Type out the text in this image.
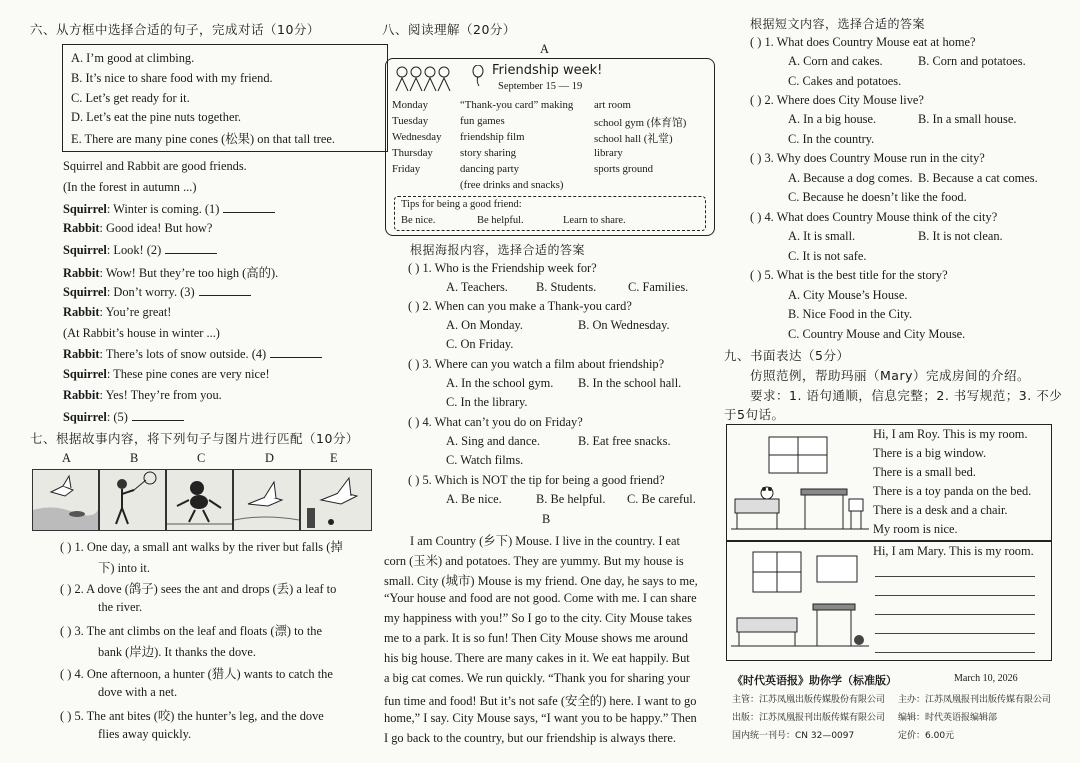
六、从方框中选择合适的句子，完成对话（10分）
A. I’m good at climbing.
B. It’s nice to share food with my friend.
C. Let’s get ready for it.
D. Let’s eat the pine nuts together.
E. There are many pine cones (松果) on that tall tree.
Squirrel and Rabbit are good friends.
(In the forest in autumn ...)
Squirrel: Winter is coming. (1)
Rabbit: Good idea! But how?
Squirrel: Look! (2)
Rabbit: Wow! But they’re too high (高的).
Squirrel: Don’t worry. (3)
Rabbit: You’re great!
(At Rabbit’s house in winter ...)
Rabbit: There’s lots of snow outside. (4)
Squirrel: These pine cones are very nice!
Rabbit: Yes! They’re from you.
Squirrel: (5)
七、根据故事内容，将下列句子与图片进行匹配（10分）
A	B	C	D	E
( ) 1. One day, a small ant walks by the river but falls (掉
下) into it.
( ) 2. A dove (鸽子) sees the ant and drops (丢) a leaf to
the river.
( ) 3. The ant climbs on the leaf and floats (漂) to the
bank (岸边). It thanks the dove.
( ) 4. One afternoon, a hunter (猎人) wants to catch the
dove with a net.
( ) 5. The ant bites (咬) the hunter’s leg, and the dove
flies away quickly.
八、阅读理解（20分）
A
Friendship week!
September 15 — 19
Monday	“Thank-you card” making art room
Tuesday	fun games	school gym (体育馆)
Wednesday friendship film	school hall (礼堂)
Thursday	story sharing	library
Friday	dancing party	sports ground
(free drinks and snacks)
Tips for being a good friend:
Be nice.	Be helpful.	Learn to share.
根据海报内容，选择合适的答案
( ) 1. Who is the Friendship week for?
A. Teachers. B. Students.	C. Families.
( ) 2. When can you make a Thank-you card?
A. On Monday.	B. On Wednesday.
C. On Friday.
( ) 3. Where can you watch a film about friendship?
A. In the school gym. B. In the school hall.
C. In the library.
( ) 4. What can’t you do on Friday?
A. Sing and dance.	B. Eat free snacks.
C. Watch films.
( ) 5. Which is NOT the tip for being a good friend?
A. Be nice.	B. Be helpful. C. Be careful.
B
I am Country (乡下) Mouse. I live in the country. I eat
corn (玉米) and potatoes. They are yummy. But my house is
small. City (城市) Mouse is my friend. One day, he says to me,
“Your house and food are not good. Come with me. I can share
my happiness with you!” So I go to the city. City Mouse takes
me to a park. It is so fun! Then City Mouse shows me around
his big house. There are many cakes in it. We eat happily. But
a big cat comes. We run quickly. “Thank you for sharing your
fun time and food! But it’s not safe (安全的) here. I want to go
home,” I say. City Mouse says, “I want you to be happy.” Then
I go back to the country, but our friendship is always there.
根据短文内容，选择合适的答案
( ) 1. What does Country Mouse eat at home?
A. Corn and cakes.	B. Corn and potatoes.
C. Cakes and potatoes.
( ) 2. Where does City Mouse live?
A. In a big house.	B. In a small house.
C. In the country.
( ) 3. Why does Country Mouse run in the city?
A. Because a dog comes. B. Because a cat comes.
C. Because he doesn’t like the food.
( ) 4. What does Country Mouse think of the city?
A. It is small.	B. It is not clean.
C. It is not safe.
( ) 5. What is the best title for the story?
A. City Mouse’s House.
B. Nice Food in the City.
C. Country Mouse and City Mouse.
九、书面表达（5分）
仿照范例，帮助玛丽（Mary）完成房间的介绍。
要求：1. 语句通顺，信息完整；2. 书写规范；3. 不少
于5句话。
Hi, I am Roy. This is my room.
There is a big window.
There is a small bed.
There is a toy panda on the bed.
There is a desk and a chair.
My room is nice.
Hi, I am Mary. This is my room.
《时代英语报》助你学（标准版）	March 10, 2026
主管：江苏凤凰出版传媒股份有限公司 主办：江苏凤凰报刊出版传媒有限公司
出版：江苏凤凰报刊出版传媒有限公司 编辑：时代英语报编辑部
国内统一刊号：CN 32—0097	定价：6.00元
